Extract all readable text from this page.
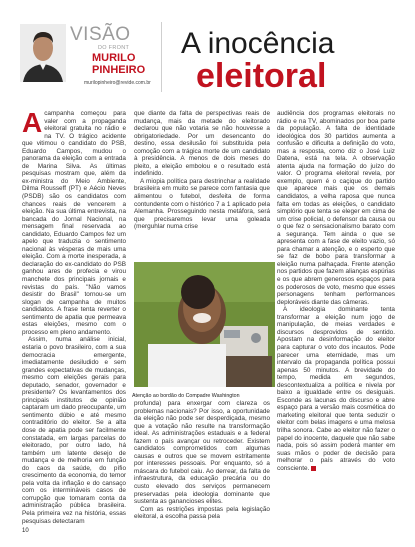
VISÃO
DO FRONT
MURILO
PINHEIRO
murilopinheiro@revide.com.br
A inocência
eleitoral
Acampanha começou para valer com a propaganda eleitoral gratuita no rádio e na TV. O trágico acidente que vitimou o candidato do PSB, Eduardo Campos, mudou o panorama da eleição com a entrada de Marina Silva. As últimas pesquisas mostram que, além da ex-ministra do Meio Ambiente, Dilma Rousseff (PT) e Aécio Neves (PSDB) são os candidatos com chances reais de vencerem a eleição. Na sua última entrevista, na bancada do Jornal Nacional, na mensagem final reservada ao candidato, Eduardo Campos fez um apelo que traduzia o sentimento nacional às vésperas de mais uma eleição. Com a morte inesperada, a declaração do ex-candidato do PSB ganhou ares de profecia e virou manchete dos principais jornais e revistas do país. "Não vamos desistir do Brasil" tornou-se um slogan de campanha de muitos candidatos. A frase tenta reverter o sentimento de apatia que permeava estas eleições, mesmo com o processo em pleno andamento.
Assim, numa análise inicial, estaria o povo brasileiro, com a sua democracia emergente, imediatamente desiludido e sem grandes expectativas de mudanças, mesmo com eleições gerais para deputado, senador, governador e presidente? Os levantamentos dos principais institutos de opinião captaram um dado preocupante, um sentimento dúbio e até mesmo contraditório do eleitor. Se a alta dose de apatia pode ser facilmente constatada, em largas parcelas do eleitorado, por outro lado, há também um latente desejo de mudança e de melhoria em função do caos da saúde, do pífio crescimento da economia, do temor pela volta da inflação e do cansaço com os intermináveis casos de corrupção que tomaram conta da administração pública brasileira. Pela primeira vez na história, essas pesquisas detectaram
que diante da falta de perspectivas reais de mudança, mais da metade do eleitorado declarou que não votaria se não houvesse a obrigatoriedade. Por um desencanto do destino, essa desilusão foi substituída pela comoção com a trágica morte de um candidato à presidência. A menos de dois meses do pleito, a eleição embolou e o resultado está indefinido.
A miopia política para destrinchar a realidade brasileira em muito se parece com fantasia que alimentou o futebol, desfeita de forma contundente com o histórico 7 a 1 aplicado pela Alemanha. Prosseguindo nesta metáfora, será que precisaremos levar uma goleada (merguhlar numa crise
Atenção ao bordão do Compadre Washington
profunda) para enxergar com clareza os problemas nacionais? Por isso, a oportunidade da eleição não pode ser desperdiçada, mesmo que a votação não resulte na transformação ideal. As administrações estaduais e a federal fazem o país avançar ou retroceder. Existem candidatos comprometidos com algumas causas e outros que se movem estritamente por interesses pessoais. Por enquanto, só a máscara do futebol caiu. Ao derrear, da falta de infraestrutura, da educação precária ou do custo elevado dos serviços permanecem preservadas pela ideologia dominante que sustenta as ganancioses elites.
Com as restrições impostas pela legislação eleitoral, a escolha passa pela
audiência dos programas eleitorais no rádio e na TV, abominados por boa parte da população. A falta de identidade ideológica dos 30 partidos aumenta a confusão e dificulta a definição do voto, mas a resposta, como diz o José Luiz Datena, está na tela. A observação atenta ajuda na formação do juízo do valor. O programa eleitoral revela, por exemplo, quem é o caçique do partido que aparece mais que os demais candidatos, a velha raposa que nunca falta em todas as eleições, o candidato simplório que tenta se eleger em cima de um crise policial, o defensor da causa ou o que fez o sensacionalismo barato com a segurança. Tem ainda o que se apresenta com a fase de eleito vazio, só para chamar a atenção, e o esperto que se faz de bobo para transformar a eleição numa palhaçada. Frente atenção nos partidos que fazem alianças espúrias e os que abrem generosos espaços para os poderosos de voto, mesmo que esses personagens tenham performances deploráveis diante das câmeras.
A ideologia dominante tenta transformar a eleição num jogo de manipulação, de meias verdades e discursos desprovidos de sentido. Apostam na desinformação do eleitor para capturar o voto dos incautos. Pode parecer uma eternidade, mas um intervalo da propaganda política possui apenas 50 minutos. A brevidade do tempo, medida em segundos, descontextualiza a política e nivela por baixo a igualdade entre os desiguais. Esconde as lacunas do discurso e abre espaço para a versão mais cosmética do marketing eleitoral que tenta seduzir o eleitor com belas imagens e uma melosa trilha sonora. Cabe ao eleitor não fazer o papel do inocente, daquele que não sabe nada, pois só assim poderá manter em suas mãos o poder de decisão para melhorar o país através do voto consciente.
10
